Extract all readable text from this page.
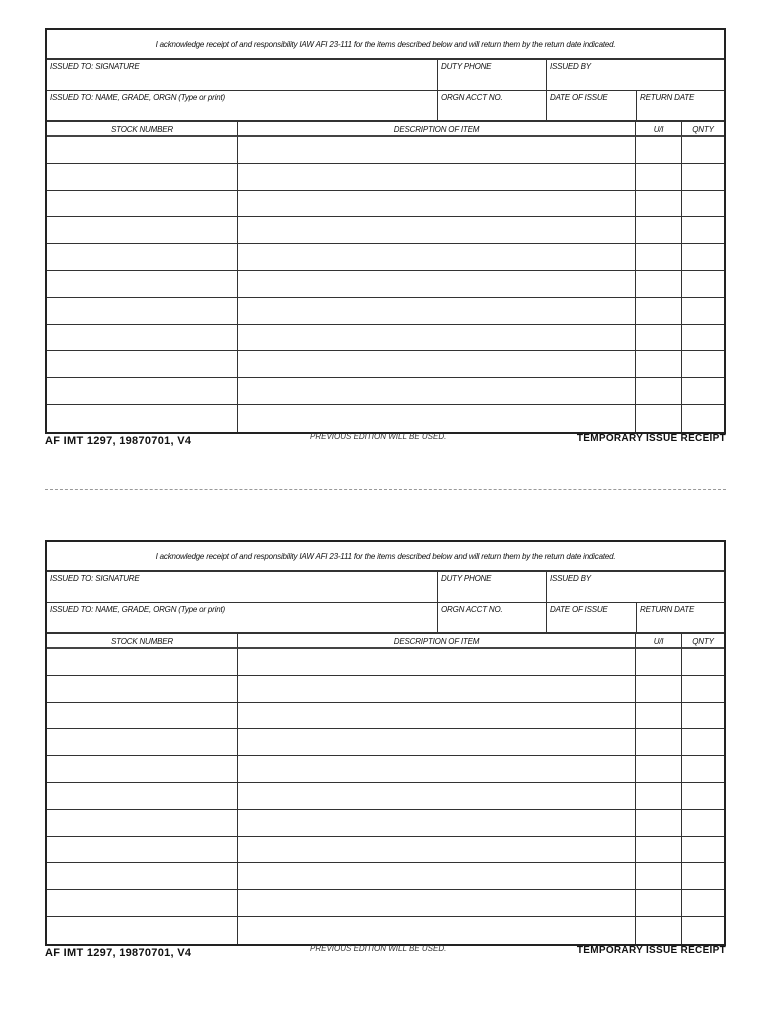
I acknowledge receipt of and responsibility IAW AFI 23-111 for the items described below and will return them by the return date indicated.
ISSUED TO: SIGNATURE	DUTY PHONE	ISSUED BY
ISSUED TO: NAME, GRADE, ORGN (Type or print)	ORGN ACCT NO.	DATE OF ISSUE	RETURN DATE
STOCK NUMBER	DESCRIPTION OF ITEM	U/I	QNTY
AF IMT 1297, 19870701, V4	PREVIOUS EDITION WILL BE USED.	TEMPORARY ISSUE RECEIPT
I acknowledge receipt of and responsibility IAW AFI 23-111 for the items described below and will return them by the return date indicated.
ISSUED TO: SIGNATURE	DUTY PHONE	ISSUED BY
ISSUED TO: NAME, GRADE, ORGN (Type or print)	ORGN ACCT NO.	DATE OF ISSUE	RETURN DATE
STOCK NUMBER	DESCRIPTION OF ITEM	U/I	QNTY
AF IMT 1297, 19870701, V4	PREVIOUS EDITION WILL BE USED.	TEMPORARY ISSUE RECEIPT
